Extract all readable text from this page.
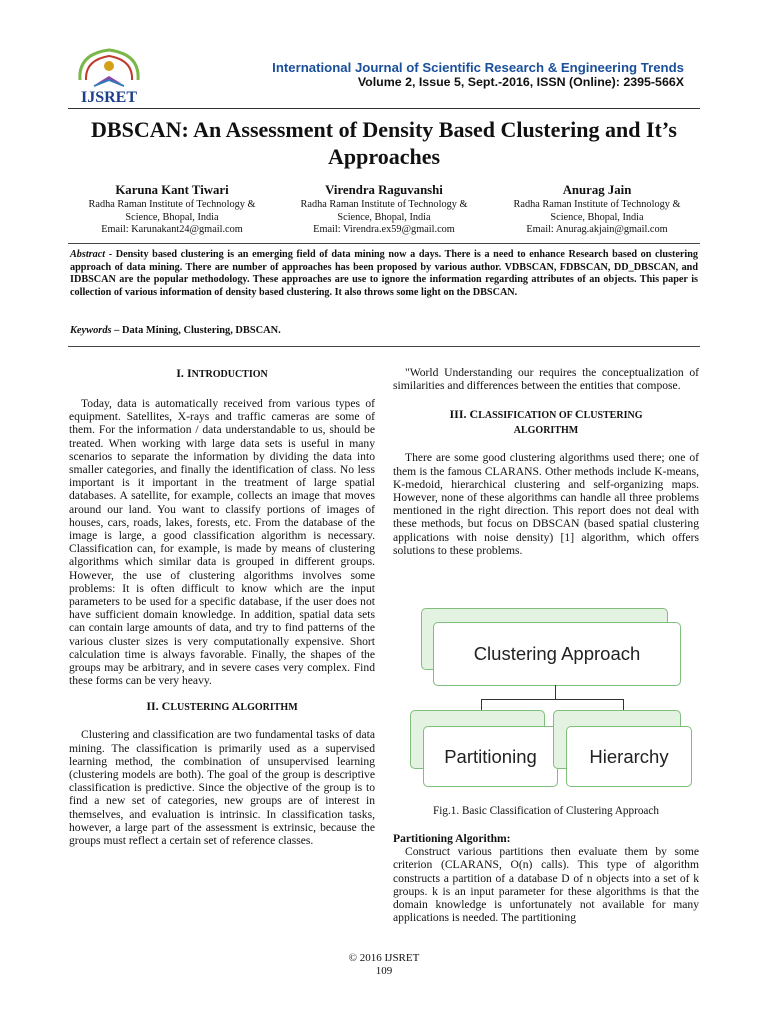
IJSRET
International Journal of Scientific Research & Engineering Trends
Volume 2, Issue 5, Sept.-2016, ISSN (Online): 2395-566X
DBSCAN: An Assessment of Density Based Clustering and It’s Approaches
Karuna Kant Tiwari
Radha Raman Institute of Technology &
Science, Bhopal, India
Email: Karunakant24@gmail.com
Virendra Raguvanshi
Radha Raman Institute of Technology &
Science, Bhopal, India
Email: Virendra.ex59@gmail.com
Anurag Jain
Radha Raman Institute of Technology &
Science, Bhopal, India
Email: Anurag.akjain@gmail.com
Abstract - Density based clustering is an emerging field of data mining now a days. There is a need to enhance Research based on clustering approach of data mining. There are number of approaches has been proposed by various author. VDBSCAN, FDBSCAN, DD_DBSCAN, and IDBSCAN are the popular methodology. These approaches are use to ignore the information regarding attributes of an objects. This paper is collection of various information of density based clustering. It also throws some light on the DBSCAN.
Keywords – Data Mining, Clustering, DBSCAN.
I. INTRODUCTION

Today, data is automatically received from various types of equipment. Satellites, X-rays and traffic cameras are some of them. For the information / data understandable to us, should be treated. When working with large data sets is useful in many scenarios to separate the information by dividing the data into smaller categories, and finally the identification of class. No less important is it important in the treatment of large spatial databases. A satellite, for example, collects an image that moves around our land. You want to classify portions of images of houses, cars, roads, lakes, forests, etc. From the database of the image is large, a good classification algorithm is necessary. Classification can, for example, is made by means of clustering algorithms which similar data is grouped in different groups. However, the use of clustering algorithms involves some problems: It is often difficult to know which are the input parameters to be used for a specific database, if the user does not have sufficient domain knowledge. In addition, spatial data sets can contain large amounts of data, and try to find patterns of the various cluster sizes is very computationally expensive. Short calculation time is always favorable. Finally, the shapes of the groups may be arbitrary, and in severe cases very complex. Find these forms can be very heavy.

II. CLUSTERING ALGORITHM

Clustering and classification are two fundamental tasks of data mining. The classification is primarily used as a supervised learning method, the combination of unsupervised learning (clustering models are both). The goal of the group is descriptive classification is predictive. Since the objective of the group is to find a new set of categories, new groups are of interest in themselves, and evaluation is intrinsic. In classification tasks, however, a large part of the assessment is extrinsic, because the groups must reflect a certain set of reference classes.

"World Understanding our requires the conceptualization of similarities and differences between the entities that compose.

III. CLASSIFICATION OF CLUSTERING
ALGORITHM

There are some good clustering algorithms used there; one of them is the famous CLARANS. Other methods include K-means, K-medoid, hierarchical clustering and self-organizing maps. However, none of these algorithms can handle all three problems mentioned in the right direction. This report does not deal with these methods, but focus on DBSCAN (based spatial clustering applications with noise density) [1] algorithm, which offers solutions to these problems.

Clustering Approach
Partitioning	Hierarchy
Fig.1. Basic Classification of Clustering Approach
Partitioning Algorithm:

Construct various partitions then evaluate them by some criterion (CLARANS, O(n) calls). This type of algorithm constructs a partition of a database D of n objects into a set of k groups. k is an input parameter for these algorithms is that the domain knowledge is unfortunately not available for many applications is needed. The partitioning

© 2016 IJSRET
109
